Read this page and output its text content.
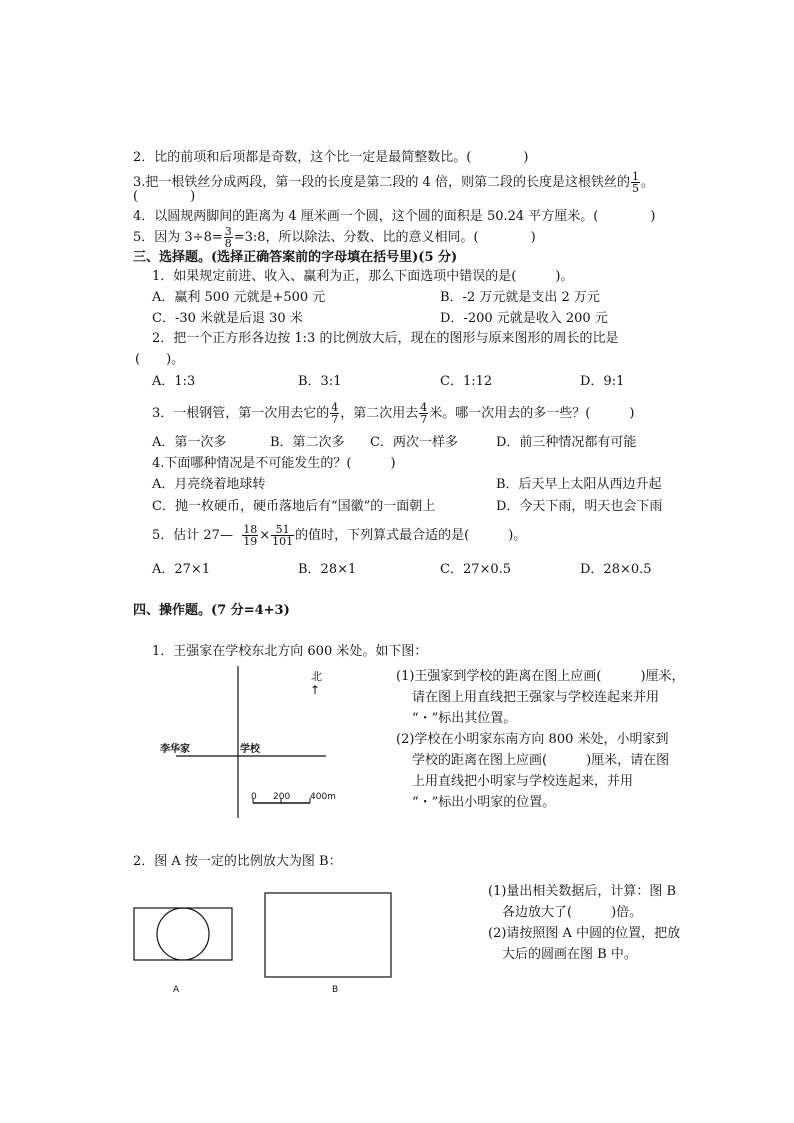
2．比的前项和后项都是奇数，这个比一定是最简整数比。(　　　　)
3.把一根铁丝分成两段，第一段的长度是第二段的 4 倍，则第二段的长度是这根铁丝的 $\frac{1}{5}$ 。
(　　　　)
4．以圆规两脚间的距离为 4 厘米画一个圆，这个圆的面积是 50.24 平方厘米。(　　　　)
5．因为 $3\div 8= \frac{3}{8}$ =3:8，所以除法、分数、比的意义相同。(　　　　)
三、选择题。(选择正确答案前的字母填在括号里)(5 分)
1．如果规定前进、收入、赢利为正，那么下面选项中错误的是(　　　)。
A．赢利 500 元就是+500 元	B．-2 万元就是支出 2 万元
C．-30 米就是后退 30 米	D．-200 元就是收入 200 元
2．把一个正方形各边按 1:3 的比例放大后，现在的图形与原来图形的周长的比是
(　　)。
A．1:3	B．3:1	C．1:12	D．9:1
3．一根钢管，第一次用去它的 $\frac{4}{7}$ ，第二次用去 $\frac{4}{7}$ 米。哪一次用去的多一些？(　　　)
A．第一次多	B．第二次多 C．两次一样多	D．前三种情况都有可能
4.下面哪种情况是不可能发生的？(　　　)
A．月亮绕着地球转	B．后天早上太阳从西边升起
C．抛一枚硬币，硬币落地后有“国徽”的一面朝上	D．今天下雨，明天也会下雨
5．估计 27— $\frac{18}{19} \times \frac{51}{101}$ 的值时，下列算式最合适的是(　　　)。
A．27×1	B．28×1	C．27×0.5	D．28×0.5
四、操作题。(7 分=4+3)
1．王强家在学校东北方向 600 米处。如下图：
北
↑
李华家	学校
0 200 400m
(1)王强家到学校的距离在图上应画(　　　)厘米，
请在图上用直线把王强家与学校连起来并用
“・”标出其位置。
(2)学校在小明家东南方向 800 米处，小明家到
学校的距离在图上应画(　　　)厘米，请在图
上用直线把小明家与学校连起来，并用
“・”标出小明家的位置。
2．图 A 按一定的比例放大为图 B：
A	B
(1)量出相关数据后，计算：图 B
各边放大了(　　　)倍。
(2)请按照图 A 中圆的位置，把放
大后的圆画在图 B 中。
